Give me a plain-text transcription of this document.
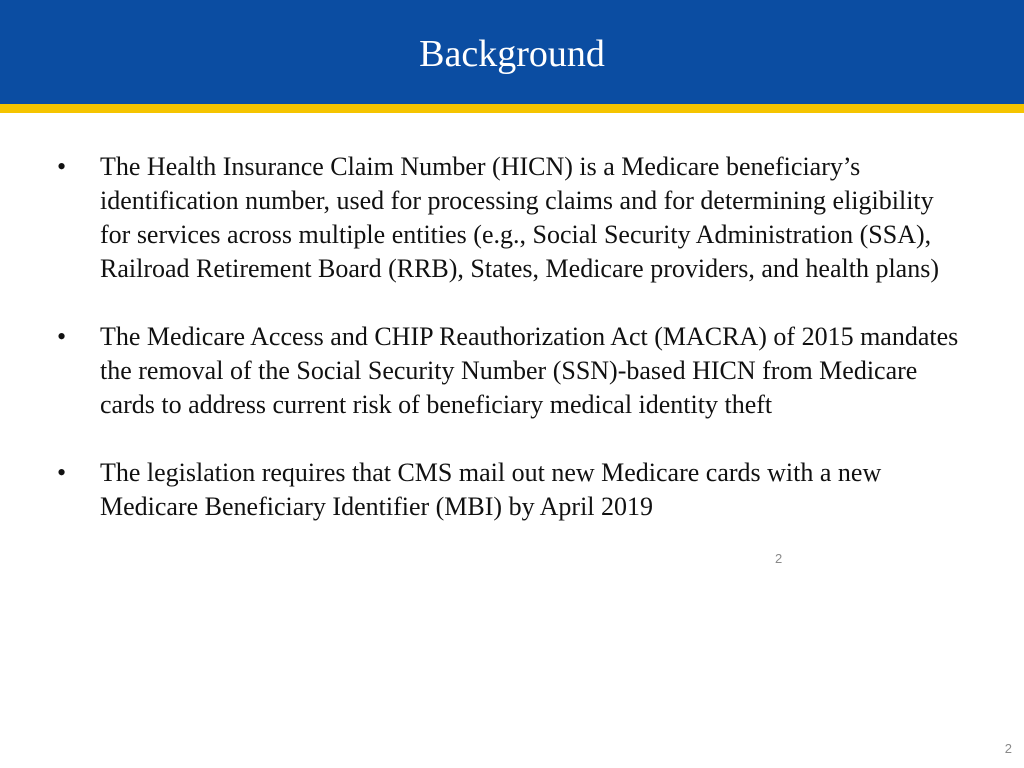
Background
• The Health Insurance Claim Number (HICN) is a Medicare beneficiary’s identification number, used for processing claims and for determining eligibility for services across multiple entities (e.g., Social Security Administration (SSA), Railroad Retirement Board (RRB), States, Medicare providers, and health plans)
• The Medicare Access and CHIP Reauthorization Act (MACRA) of 2015 mandates the removal of the Social Security Number (SSN)-based HICN from Medicare cards to address current risk of beneficiary medical identity theft
• The legislation requires that CMS mail out new Medicare cards with a new Medicare Beneficiary Identifier (MBI) by April 2019
2
2
